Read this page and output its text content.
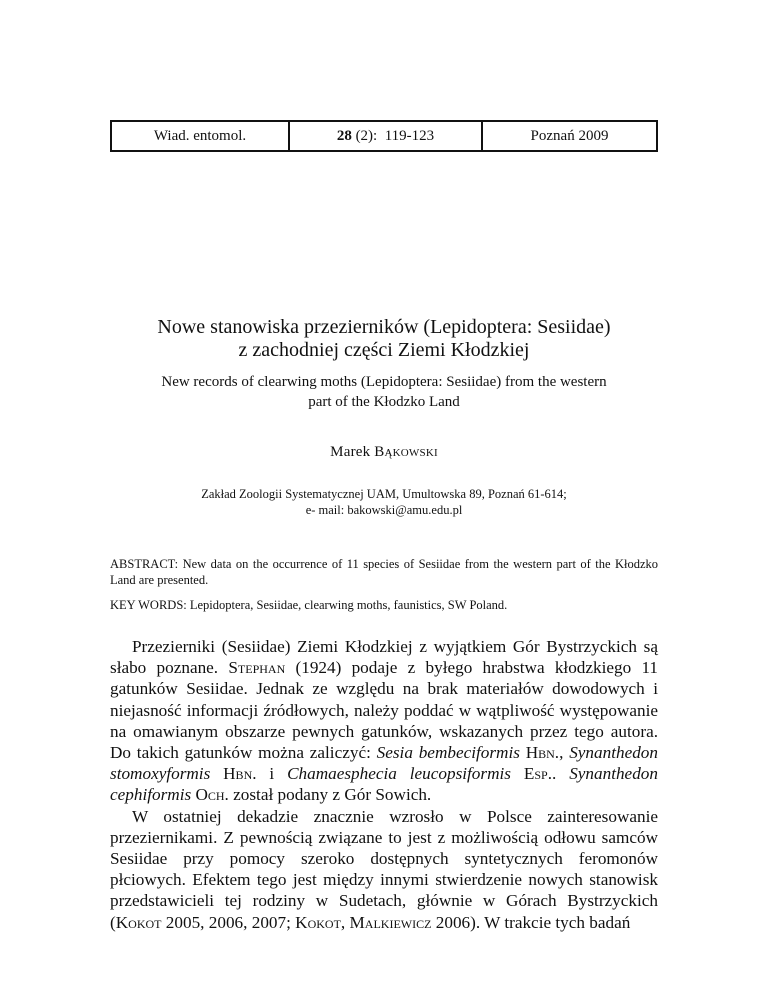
Wiad. entomol.	28 (2):  119-123	Poznań 2009
Nowe stanowiska przezierników (Lepidoptera: Sesiidae)
z zachodniej części Ziemi Kłodzkiej
New records of clearwing moths (Lepidoptera: Sesiidae) from the western
part of the Kłodzko Land
Marek Bąkowski
Zakład Zoologii Systematycznej UAM, Umultowska 89, Poznań 61-614;
e- mail: bakowski@amu.edu.pl
ABSTRACT: New data on the occurrence of 11 species of Sesiidae from the western part of the Kłodzko Land are presented.
KEY WORDS: Lepidoptera, Sesiidae, clearwing moths, faunistics, SW Poland.

Przezierniki (Sesiidae) Ziemi Kłodzkiej z wyjątkiem Gór Bystrzyckich są słabo poznane. Stephan (1924) podaje z byłego hrabstwa kłodzkiego 11 gatunków Sesiidae. Jednak ze względu na brak materiałów dowodowych i niejasność informacji źródłowych, należy poddać w wątpliwość występowanie na omawianym obszarze pewnych gatunków, wskazanych przez tego autora. Do takich gatunków można zaliczyć: Sesia bembeciformis Hbn., Synanthedon stomoxyformis Hbn. i Chamaesphecia leucopsiformis Esp.. Synanthedon cephiformis Och. został podany z Gór Sowich.

W ostatniej dekadzie znacznie wzrosło w Polsce zainteresowanie przeziernikami. Z pewnością związane to jest z możliwością odłowu samców Sesiidae przy pomocy szeroko dostępnych syntetycznych feromonów płciowych. Efektem tego jest między innymi stwierdzenie nowych stanowisk przedstawicieli tej rodziny w Sudetach, głównie w Górach Bystrzyckich (Kokot 2005, 2006, 2007; Kokot, Malkiewicz 2006). W trakcie tych badań
